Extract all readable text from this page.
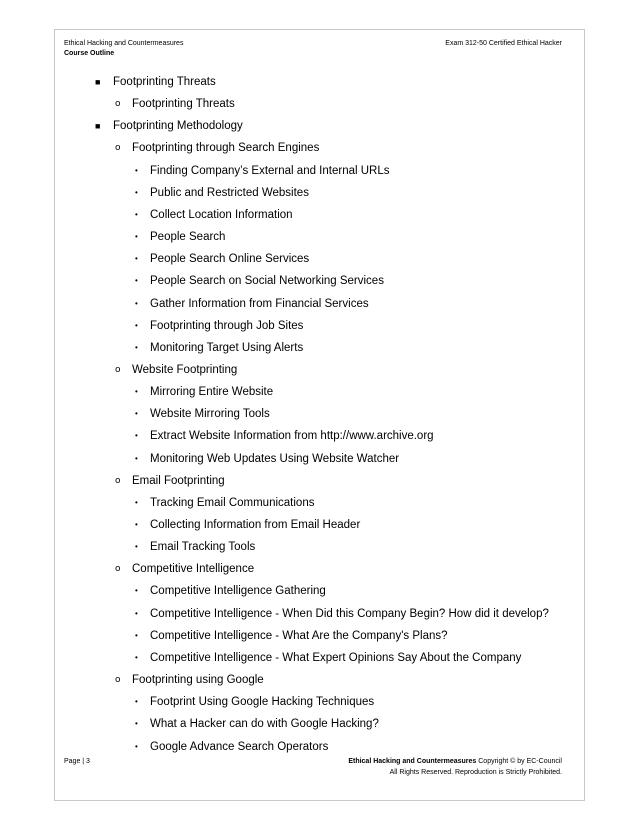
Ethical Hacking and Countermeasures	Exam 312-50 Certified Ethical Hacker
Course Outline
■ Footprinting Threats
o Footprinting Threats
■ Footprinting Methodology
o Footprinting through Search Engines
• Finding Company’s External and Internal URLs
• Public and Restricted Websites
• Collect Location Information
• People Search
• People Search Online Services
• People Search on Social Networking Services
• Gather Information from Financial Services
• Footprinting through Job Sites
• Monitoring Target Using Alerts
o Website Footprinting
• Mirroring Entire Website
• Website Mirroring Tools
• Extract Website Information from http://www.archive.org
• Monitoring Web Updates Using Website Watcher
o Email Footprinting
• Tracking Email Communications
• Collecting Information from Email Header
• Email Tracking Tools
o Competitive Intelligence
• Competitive Intelligence Gathering
• Competitive Intelligence - When Did this Company Begin? How did it develop?
• Competitive Intelligence - What Are the Company's Plans?
• Competitive Intelligence - What Expert Opinions Say About the Company
o Footprinting using Google
• Footprint Using Google Hacking Techniques
• What a Hacker can do with Google Hacking?
• Google Advance Search Operators
Page | 3	Ethical Hacking and Countermeasures Copyright © by EC-Council
All Rights Reserved. Reproduction is Strictly Prohibited.
